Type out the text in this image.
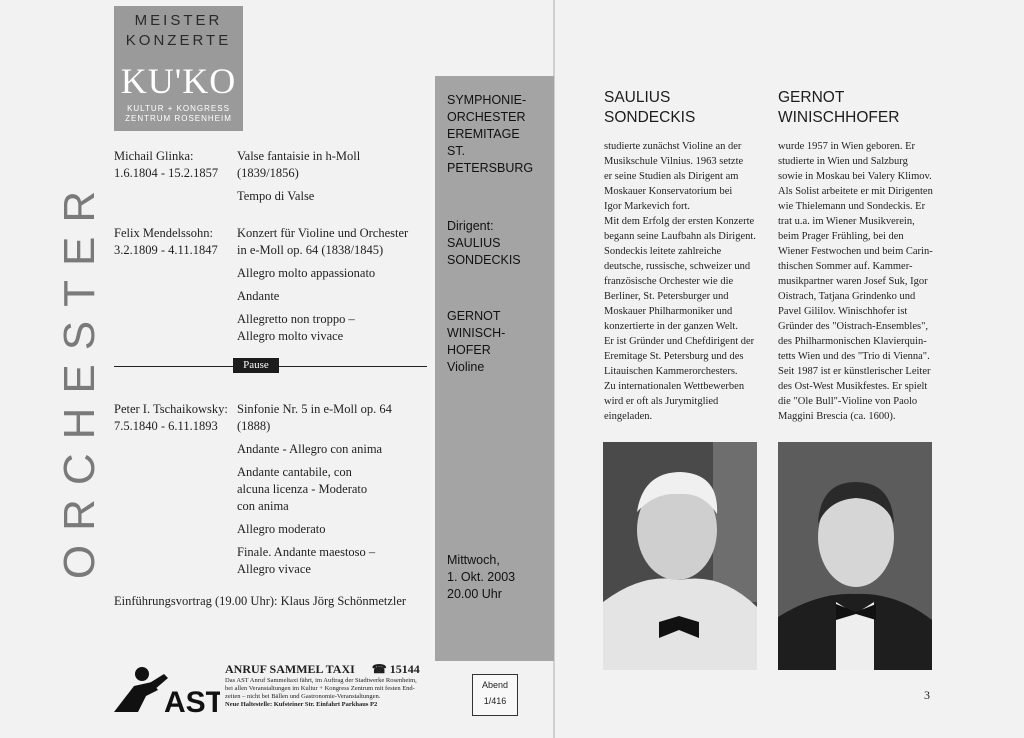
MEISTER
KONZERTE
KU'KO
KULTUR + KONGRESS
ZENTRUM ROSENHEIM
ORCHESTER
Michail Glinka:
1.6.1804 - 15.2.1857
Valse fantaisie in h-Moll
(1839/1856)
Tempo di Valse
Felix Mendelssohn:
3.2.1809 - 4.11.1847
Konzert für Violine und Orchester
in e-Moll op. 64 (1838/1845)
Allegro molto appassionato
Andante
Allegretto non troppo –
Allegro molto vivace
Pause
Peter I. Tschaikowsky:
7.5.1840 - 6.11.1893
Sinfonie Nr. 5 in e-Moll op. 64
(1888)
Andante - Allegro con anima
Andante cantabile, con
alcuna licenza - Moderato
con anima
Allegro moderato
Finale. Andante maestoso –
Allegro vivace
Einführungsvortrag (19.00 Uhr): Klaus Jörg Schönmetzler
SYMPHONIE-
ORCHESTER
EREMITAGE
ST. PETERSBURG
Dirigent:
SAULIUS
SONDECKIS
GERNOT
WINISCH-
HOFER
Violine
Mittwoch,
1. Okt. 2003
20.00 Uhr
AST
ANRUF SAMMEL TAXI ☎ 15144
Das AST Anruf Sammeltaxi fährt, im Auftrag der Stadtwerke Rosenheim,
bei allen Veranstaltungen im Kultur + Kongress Zentrum mit festen End-
zeiten – nicht bei Bällen und Gastronomie-Veranstaltungen.
Neue Haltestelle: Kufsteiner Str. Einfahrt Parkhaus P2
Abend
1/416
SAULIUS
SONDECKIS
GERNOT
WINISCHHOFER
studierte zunächst Violine an der
Musikschule Vilnius. 1963 setzte
er seine Studien als Dirigent am
Moskauer Konservatorium bei
Igor Markevich fort.
Mit dem Erfolg der ersten Konzerte
begann seine Laufbahn als Dirigent.
Sondeckis leitete zahlreiche
deutsche, russische, schweizer und
französische Orchester wie die
Berliner, St. Petersburger und
Moskauer Philharmoniker und
konzertierte in der ganzen Welt.
Er ist Gründer und Chefdirigent der
Eremitage St. Petersburg und des
Litauischen Kammerorchesters.
Zu internationalen Wettbewerben
wird er oft als Jurymitglied
eingeladen.
wurde 1957 in Wien geboren. Er
studierte in Wien und Salzburg
sowie in Moskau bei Valery Klimov.
Als Solist arbeitete er mit Dirigenten
wie Thielemann und Sondeckis. Er
trat u.a. im Wiener Musikverein,
beim Prager Frühling, bei den
Wiener Festwochen und beim Carin-
thischen Sommer auf. Kammer-
musikpartner waren Josef Suk, Igor
Oistrach, Tatjana Grindenko und
Pavel Gililov. Winischhofer ist
Gründer des "Oistrach-Ensembles",
des Philharmonischen Klavierquin-
tetts Wien und des "Trio di Vienna".
Seit 1987 ist er künstlerischer Leiter
des Ost-West Musikfestes. Er spielt
die "Ole Bull"-Violine von Paolo
Maggini Brescia (ca. 1600).
3
